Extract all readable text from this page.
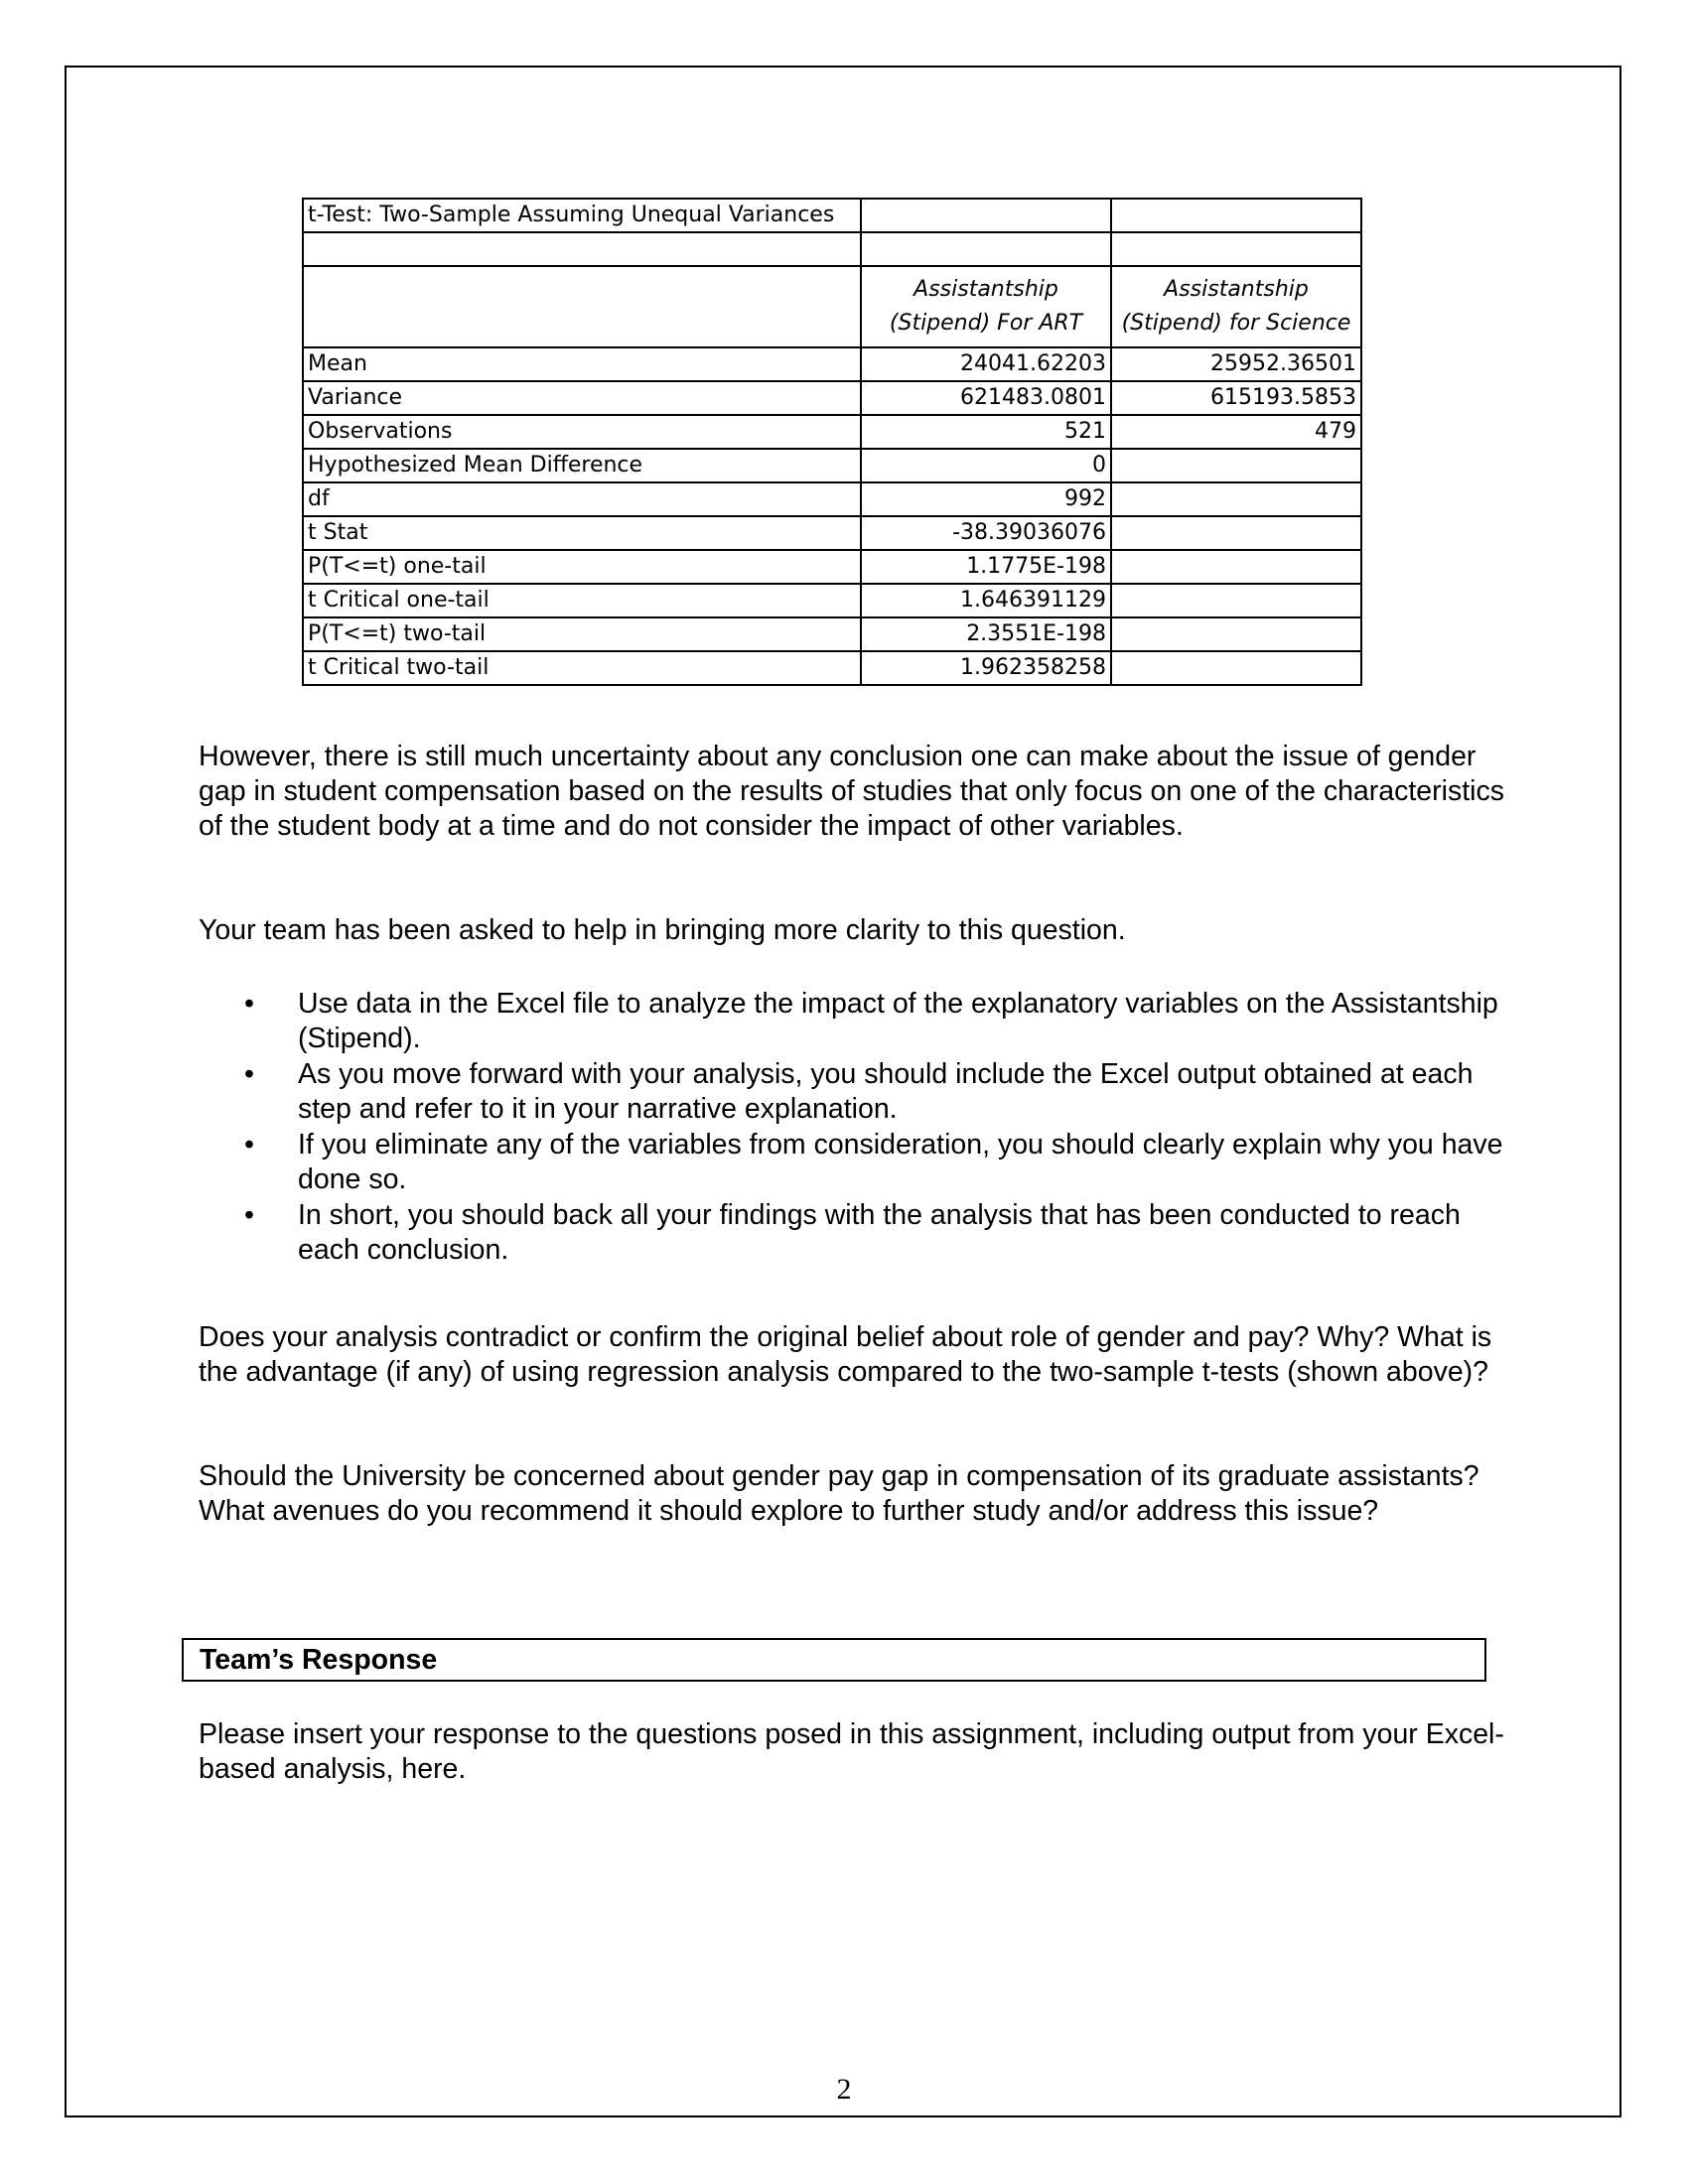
t-Test: Two-Sample Assuming Unequal Variances		

	Assistantship (Stipend) For ART	Assistantship (Stipend) for Science
Mean	24041.62203	25952.36501
Variance	621483.0801	615193.5853
Observations	521	479
Hypothesized Mean Difference	0	
df	992	
t Stat	-38.39036076	
P(T<=t) one-tail	1.1775E-198	
t Critical one-tail	1.646391129	
P(T<=t) two-tail	2.3551E-198	
t Critical two-tail	1.962358258	

However, there is still much uncertainty about any conclusion one can make about the issue of gender gap in student compensation based on the results of studies that only focus on one of the characteristics of the student body at a time and do not consider the impact of other variables.

Your team has been asked to help in bringing more clarity to this question.

• Use data in the Excel file to analyze the impact of the explanatory variables on the Assistantship (Stipend).
• As you move forward with your analysis, you should include the Excel output obtained at each step and refer to it in your narrative explanation.
• If you eliminate any of the variables from consideration, you should clearly explain why you have done so.
• In short, you should back all your findings with the analysis that has been conducted to reach each conclusion.

Does your analysis contradict or confirm the original belief about role of gender and pay? Why? What is the advantage (if any) of using regression analysis compared to the two-sample t-tests (shown above)?

Should the University be concerned about gender pay gap in compensation of its graduate assistants? What avenues do you recommend it should explore to further study and/or address this issue?

Team’s Response

Please insert your response to the questions posed in this assignment, including output from your Excel-based analysis, here.

2
